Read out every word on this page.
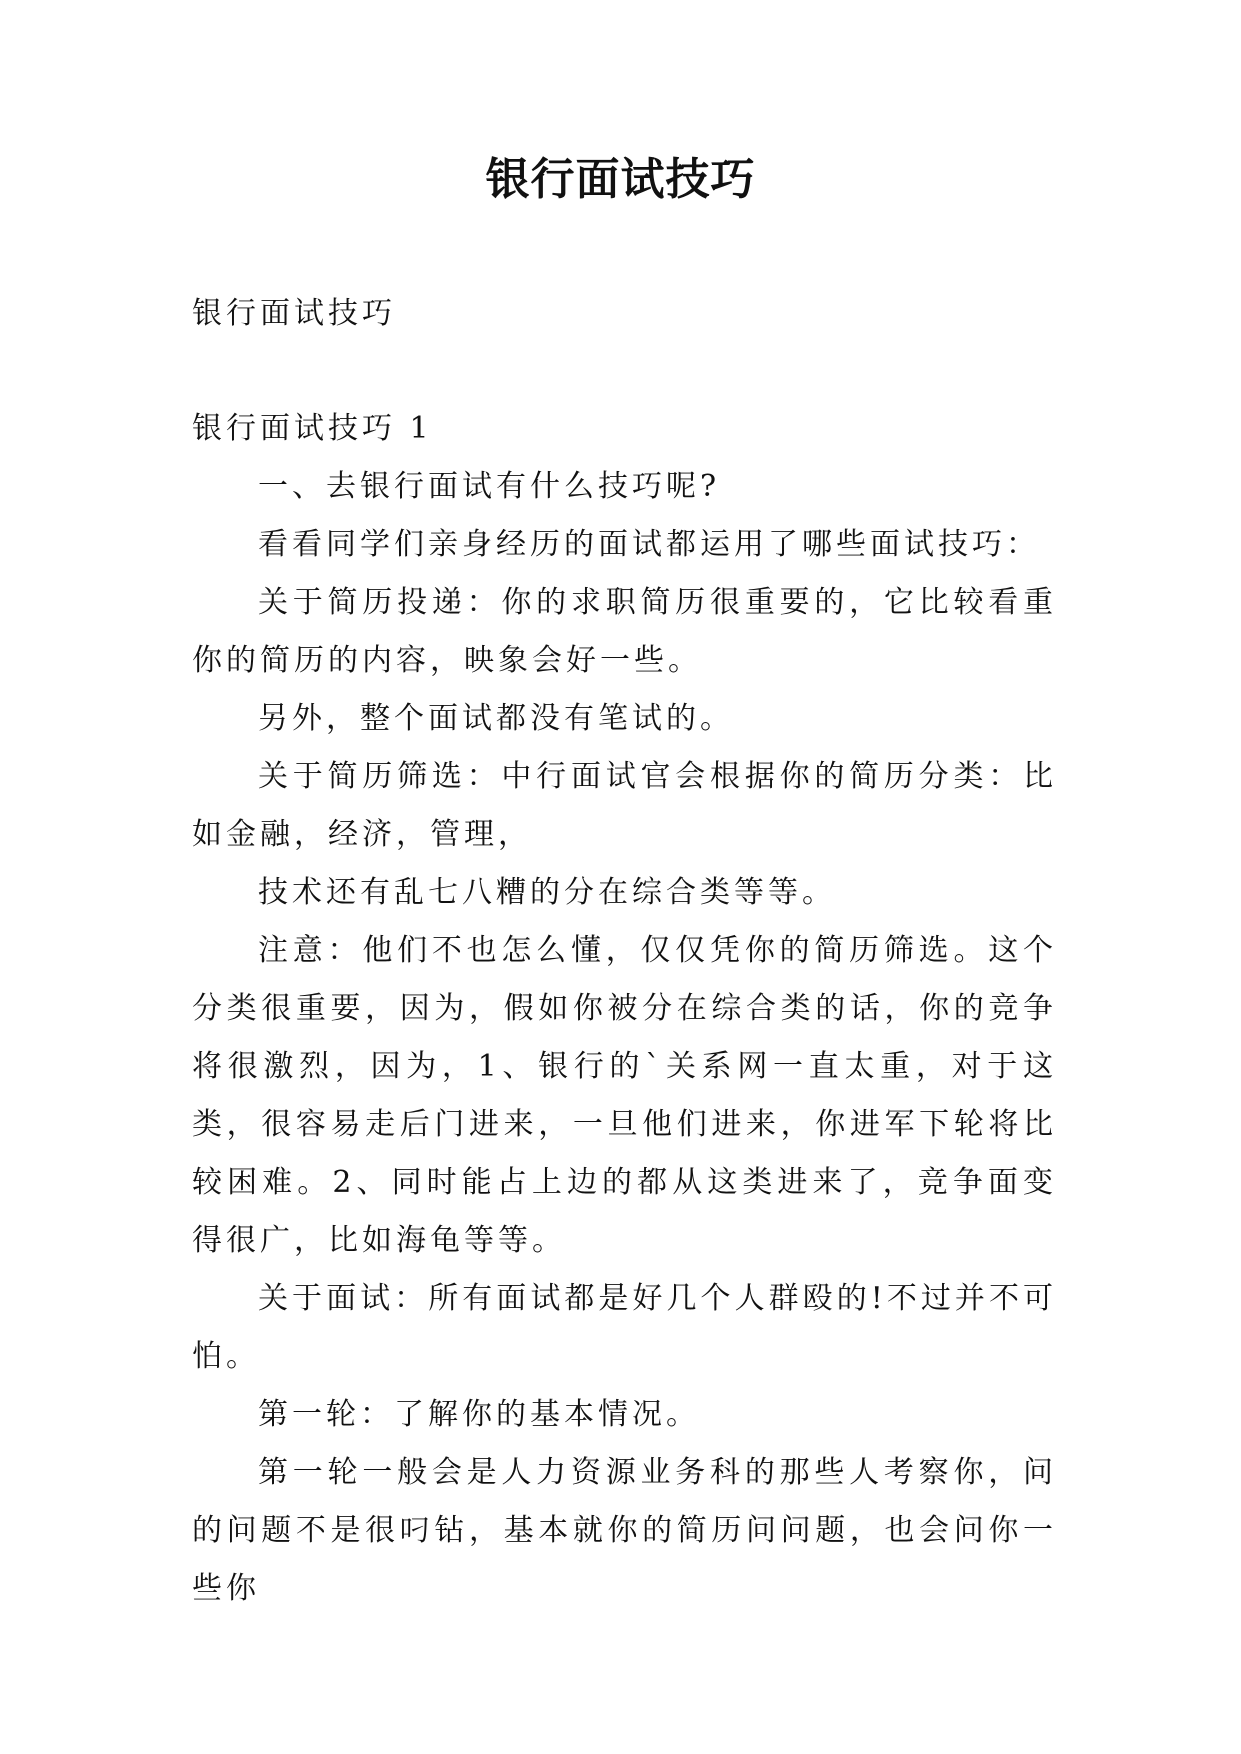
银行面试技巧

银行面试技巧

银行面试技巧 1

一、去银行面试有什么技巧呢?

看看同学们亲身经历的面试都运用了哪些面试技巧：

关于简历投递：你的求职简历很重要的，它比较看重你的简历的内容，映象会好一些。

另外，整个面试都没有笔试的。

关于简历筛选：中行面试官会根据你的简历分类：比如金融，经济，管理，

技术还有乱七八糟的分在综合类等等。

注意：他们不也怎么懂，仅仅凭你的简历筛选。这个分类很重要，因为，假如你被分在综合类的话，你的竞争将很激烈，因为，1、银行的`关系网一直太重，对于这类，很容易走后门进来，一旦他们进来，你进军下轮将比较困难。2、同时能占上边的都从这类进来了，竞争面变得很广，比如海龟等等。

关于面试：所有面试都是好几个人群殴的!不过并不可怕。

第一轮：了解你的基本情况。

第一轮一般会是人力资源业务科的那些人考察你，问的问题不是很叼钻，基本就你的简历问问题，也会问你一些你
